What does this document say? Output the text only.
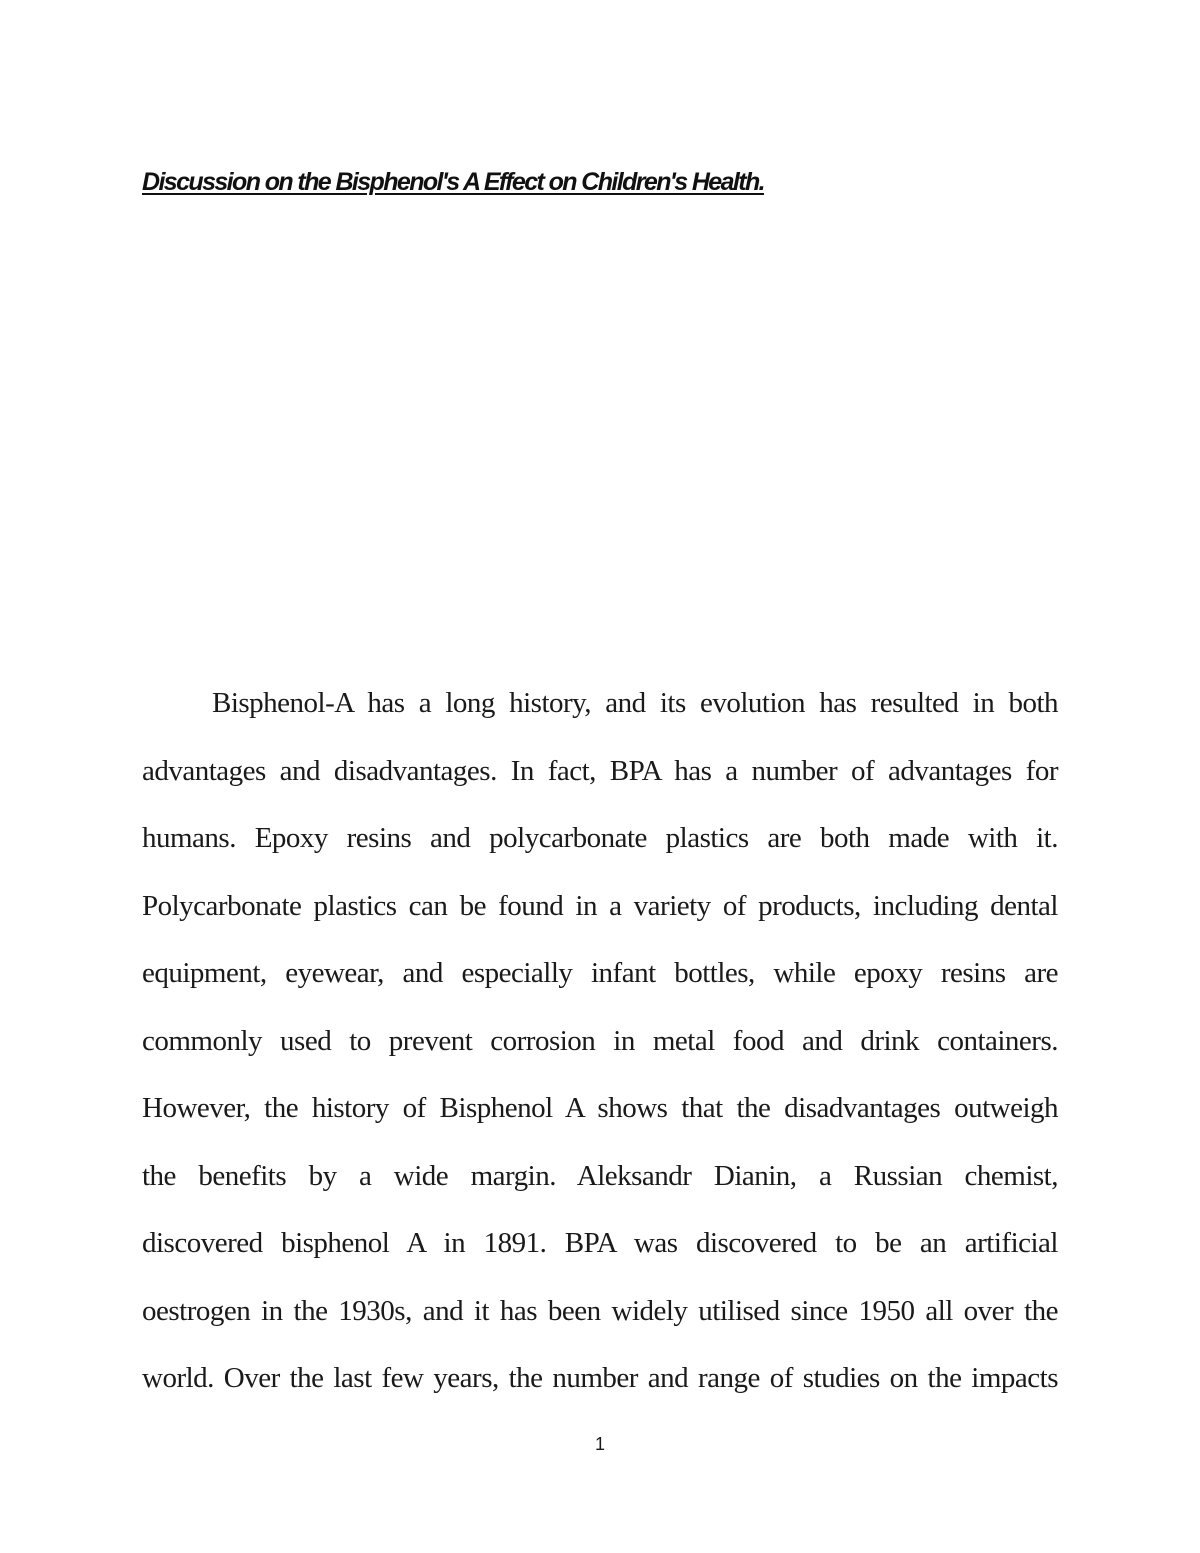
Discussion on the Bisphenol's A Effect on Children's Health.
Bisphenol-A has a long history, and its evolution has resulted in both
advantages and disadvantages. In fact, BPA has a number of advantages for
humans. Epoxy resins and polycarbonate plastics are both made with it.
Polycarbonate plastics can be found in a variety of products, including dental
equipment, eyewear, and especially infant bottles, while epoxy resins are
commonly used to prevent corrosion in metal food and drink containers.
However, the history of Bisphenol A shows that the disadvantages outweigh
the benefits by a wide margin. Aleksandr Dianin, a Russian chemist,
discovered bisphenol A in 1891. BPA was discovered to be an artificial
oestrogen in the 1930s, and it has been widely utilised since 1950 all over the
world. Over the last few years, the number and range of studies on the impacts
1
